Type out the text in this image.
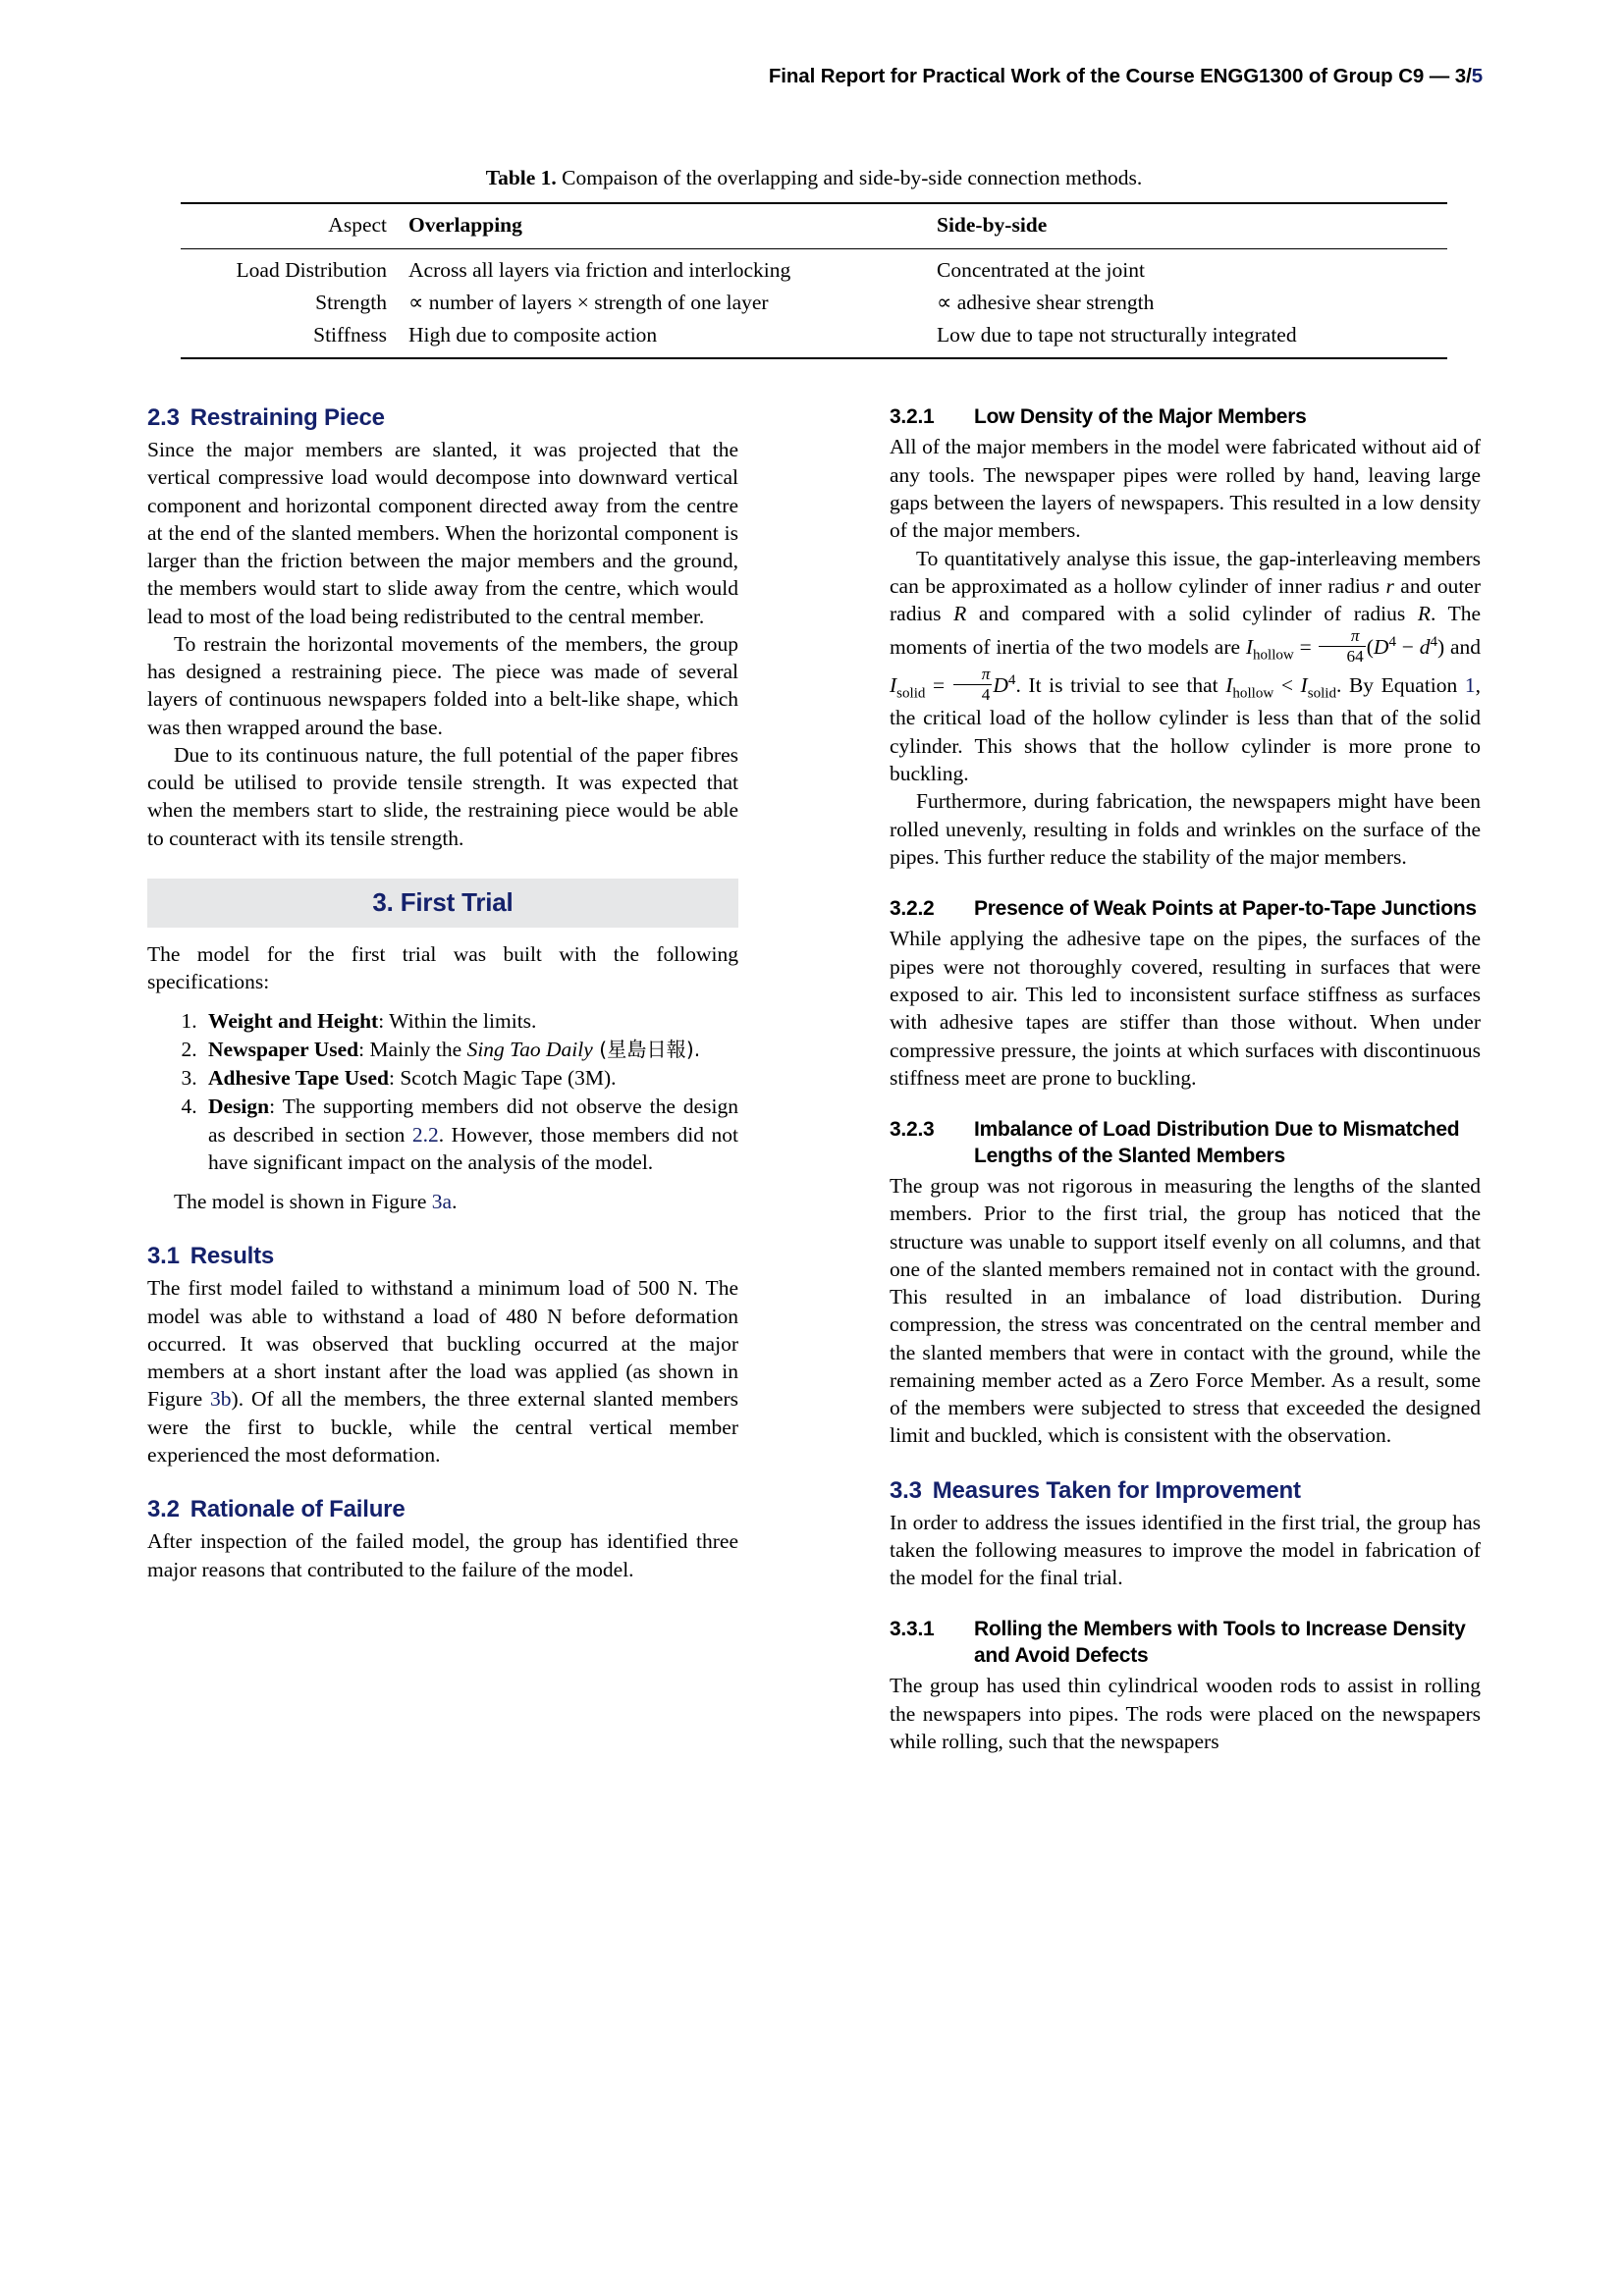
Final Report for Practical Work of the Course ENGG1300 of Group C9 — 3/5
Table 1. Compaison of the overlapping and side-by-side connection methods.
Aspect	Overlapping	Side-by-side
Load Distribution	Across all layers via friction and interlocking	Concentrated at the joint
Strength	∝ number of layers × strength of one layer	∝ adhesive shear strength
Stiffness	High due to composite action	Low due to tape not structurally integrated
2.3 Restraining Piece

Since the major members are slanted, it was projected that the vertical compressive load would decompose into downward vertical component and horizontal component directed away from the centre at the end of the slanted members. When the horizontal component is larger than the friction between the major members and the ground, the members would start to slide away from the centre, which would lead to most of the load being redistributed to the central member.

To restrain the horizontal movements of the members, the group has designed a restraining piece. The piece was made of several layers of continuous newspapers folded into a belt-like shape, which was then wrapped around the base.

Due to its continuous nature, the full potential of the paper fibres could be utilised to provide tensile strength. It was expected that when the members start to slide, the restraining piece would be able to counteract with its tensile strength.

3. First Trial

The model for the first trial was built with the following specifications:

1. Weight and Height: Within the limits.
2. Newspaper Used: Mainly the Sing Tao Daily (星島日報).
3. Adhesive Tape Used: Scotch Magic Tape (3M).
4. Design: The supporting members did not observe the design as described in section 2.2. However, those members did not have significant impact on the analysis of the model.

The model is shown in Figure 3a.

3.1 Results

The first model failed to withstand a minimum load of 500 N. The model was able to withstand a load of 480 N before deformation occurred. It was observed that buckling occurred at the major members at a short instant after the load was applied (as shown in Figure 3b). Of all the members, the three external slanted members were the first to buckle, while the central vertical member experienced the most deformation.

3.2 Rationale of Failure

After inspection of the failed model, the group has identified three major reasons that contributed to the failure of the model.

3.2.1 Low Density of the Major Members

All of the major members in the model were fabricated without aid of any tools. The newspaper pipes were rolled by hand, leaving large gaps between the layers of newspapers. This resulted in a low density of the major members.

To quantitatively analyse this issue, the gap-interleaving members can be approximated as a hollow cylinder of inner radius r and outer radius R and compared with a solid cylinder of radius R. The moments of inertia of the two models are $I_{hollow} = \frac{\pi}{64} (D^4 - d^4)$ and $I_{solid} = \frac{\pi}{4} D^4$. It is trivial to see that $I_{hollow} < I_{solid}$. By Equation 1, the critical load of the hollow cylinder is less than that of the solid cylinder. This shows that the hollow cylinder is more prone to buckling.

Furthermore, during fabrication, the newspapers might have been rolled unevenly, resulting in folds and wrinkles on the surface of the pipes. This further reduce the stability of the major members.

3.2.2 Presence of Weak Points at Paper-to-Tape Junctions

While applying the adhesive tape on the pipes, the surfaces of the pipes were not thoroughly covered, resulting in surfaces that were exposed to air. This led to inconsistent surface stiffness as surfaces with adhesive tapes are stiffer than those without. When under compressive pressure, the joints at which surfaces with discontinuous stiffness meet are prone to buckling.

3.2.3 Imbalance of Load Distribution Due to Mismatched Lengths of the Slanted Members

The group was not rigorous in measuring the lengths of the slanted members. Prior to the first trial, the group has noticed that the structure was unable to support itself evenly on all columns, and that one of the slanted members remained not in contact with the ground. This resulted in an imbalance of load distribution. During compression, the stress was concentrated on the central member and the slanted members that were in contact with the ground, while the remaining member acted as a Zero Force Member. As a result, some of the members were subjected to stress that exceeded the designed limit and buckled, which is consistent with the observation.

3.3 Measures Taken for Improvement

In order to address the issues identified in the first trial, the group has taken the following measures to improve the model in fabrication of the model for the final trial.

3.3.1 Rolling the Members with Tools to Increase Density and Avoid Defects

The group has used thin cylindrical wooden rods to assist in rolling the newspapers into pipes. The rods were placed on the newspapers while rolling, such that the newspapers
